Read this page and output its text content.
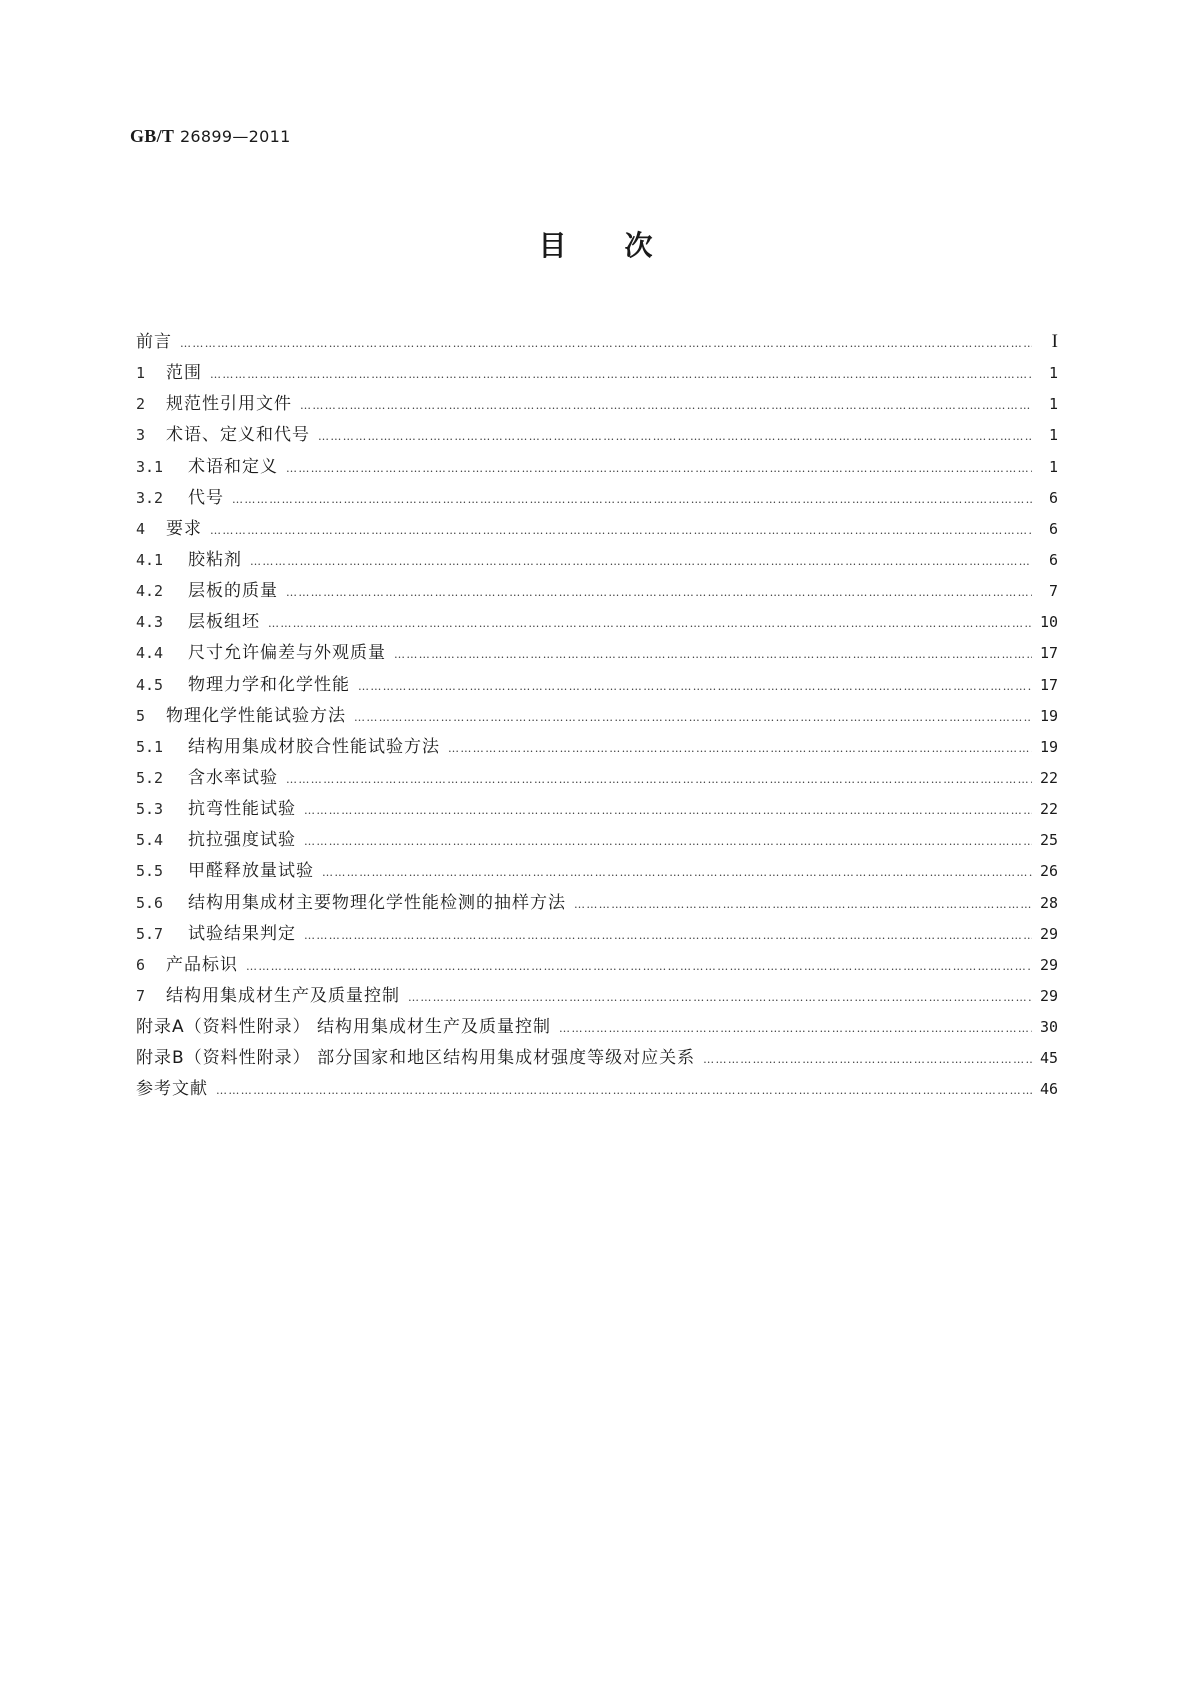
GB/T 26899—2011
目次
前言 ……………………………………………………………………………………………………………………………………………………………………………………………………………………………………………………………………………………………	I
1	范围 ……………………………………………………………………………………………………………………………………………………………………………………………………………………………………………………………………………………………	1
2	规范性引用文件 ……………………………………………………………………………………………………………………………………………………………………………………………………………………………………………………………………………………………	1
3	术语、定义和代号 ……………………………………………………………………………………………………………………………………………………………………………………………………………………………………………………………………………………………	1
3.1	术语和定义 ……………………………………………………………………………………………………………………………………………………………………………………………………………………………………………………………………………………………	1
3.2	代号 ……………………………………………………………………………………………………………………………………………………………………………………………………………………………………………………………………………………………	6
4	要求 ……………………………………………………………………………………………………………………………………………………………………………………………………………………………………………………………………………………………	6
4.1	胶粘剂 ……………………………………………………………………………………………………………………………………………………………………………………………………………………………………………………………………………………………	6
4.2	层板的质量 ……………………………………………………………………………………………………………………………………………………………………………………………………………………………………………………………………………………………	7
4.3	层板组坯 ……………………………………………………………………………………………………………………………………………………………………………………………………………………………………………………………………………………………	10
4.4	尺寸允许偏差与外观质量 ……………………………………………………………………………………………………………………………………………………………………………………………………………………………………………………………………………………………	17
4.5	物理力学和化学性能 ……………………………………………………………………………………………………………………………………………………………………………………………………………………………………………………………………………………………	17
5	物理化学性能试验方法 ……………………………………………………………………………………………………………………………………………………………………………………………………………………………………………………………………………………………	19
5.1	结构用集成材胶合性能试验方法 ……………………………………………………………………………………………………………………………………………………………………………………………………………………………………………………………………………………………	19
5.2	含水率试验 ……………………………………………………………………………………………………………………………………………………………………………………………………………………………………………………………………………………………	22
5.3	抗弯性能试验 ……………………………………………………………………………………………………………………………………………………………………………………………………………………………………………………………………………………………	22
5.4	抗拉强度试验 ……………………………………………………………………………………………………………………………………………………………………………………………………………………………………………………………………………………………	25
5.5	甲醛释放量试验 ……………………………………………………………………………………………………………………………………………………………………………………………………………………………………………………………………………………………	26
5.6	结构用集成材主要物理化学性能检测的抽样方法 ……………………………………………………………………………………………………………………………………………………………………………………………………………………………………………………………………………………………	28
5.7	试验结果判定 ……………………………………………………………………………………………………………………………………………………………………………………………………………………………………………………………………………………………	29
6	产品标识 ……………………………………………………………………………………………………………………………………………………………………………………………………………………………………………………………………………………………	29
7	结构用集成材生产及质量控制 ……………………………………………………………………………………………………………………………………………………………………………………………………………………………………………………………………………………………	29
附录A（资料性附录） 结构用集成材生产及质量控制 ……………………………………………………………………………………………………………………………………………………………………………………………………………………………………………………………………………………………	30
附录B（资料性附录） 部分国家和地区结构用集成材强度等级对应关系 ……………………………………………………………………………………………………………………………………………………………………………………………………………………………………………………………………………………………	45
参考文献 ……………………………………………………………………………………………………………………………………………………………………………………………………………………………………………………………………………………………	46
